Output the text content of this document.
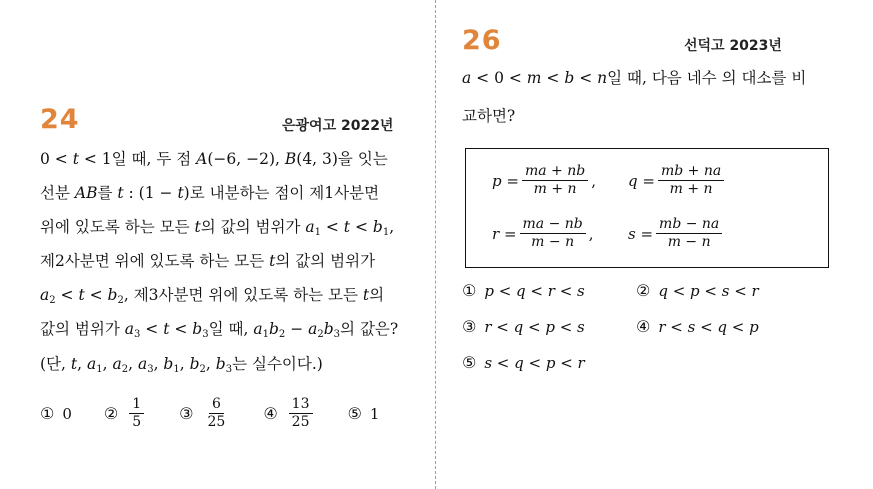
24	은광여고 2022년
0 < t < 1일 때, 두 점 A(−6, −2), B(4, 3)을 잇는
선분 AB를 t : (1 − t)로 내분하는 점이 제1사분면
위에 있도록 하는 모든 t의 값의 범위가 $a_1 < t < b_1$,
제2사분면 위에 있도록 하는 모든 t의 값의 범위가
$a_2 < t < b_2$, 제3사분면 위에 있도록 하는 모든 t의
값의 범위가 $a_3 < t < b_3$일 때, $a_1b_2 - a_2b_3$의 값은?
(단, t, $a_1$, $a_2$, $a_3$, $b_1$, $b_2$, $b_3$는 실수이다.)
① 0 ② $\frac{1}{5}$ ③ $\frac{6}{25}$ ④ $\frac{13}{25}$ ⑤ 1
26	선덕고 2023년
a < 0 < m < b < n일 때, 다음 네수 의 대소를 비
교하면?
$p = \frac{ma + nb}{m + n}$ , $q = \frac{mb + na}{m + n}$
$r = \frac{ma - nb}{m - n}$ , $s = \frac{mb - na}{m - n}$
① p < q < r < s	② q < p < s < r
③ r < q < p < s	④ r < s < q < p
⑤ s < q < p < r
